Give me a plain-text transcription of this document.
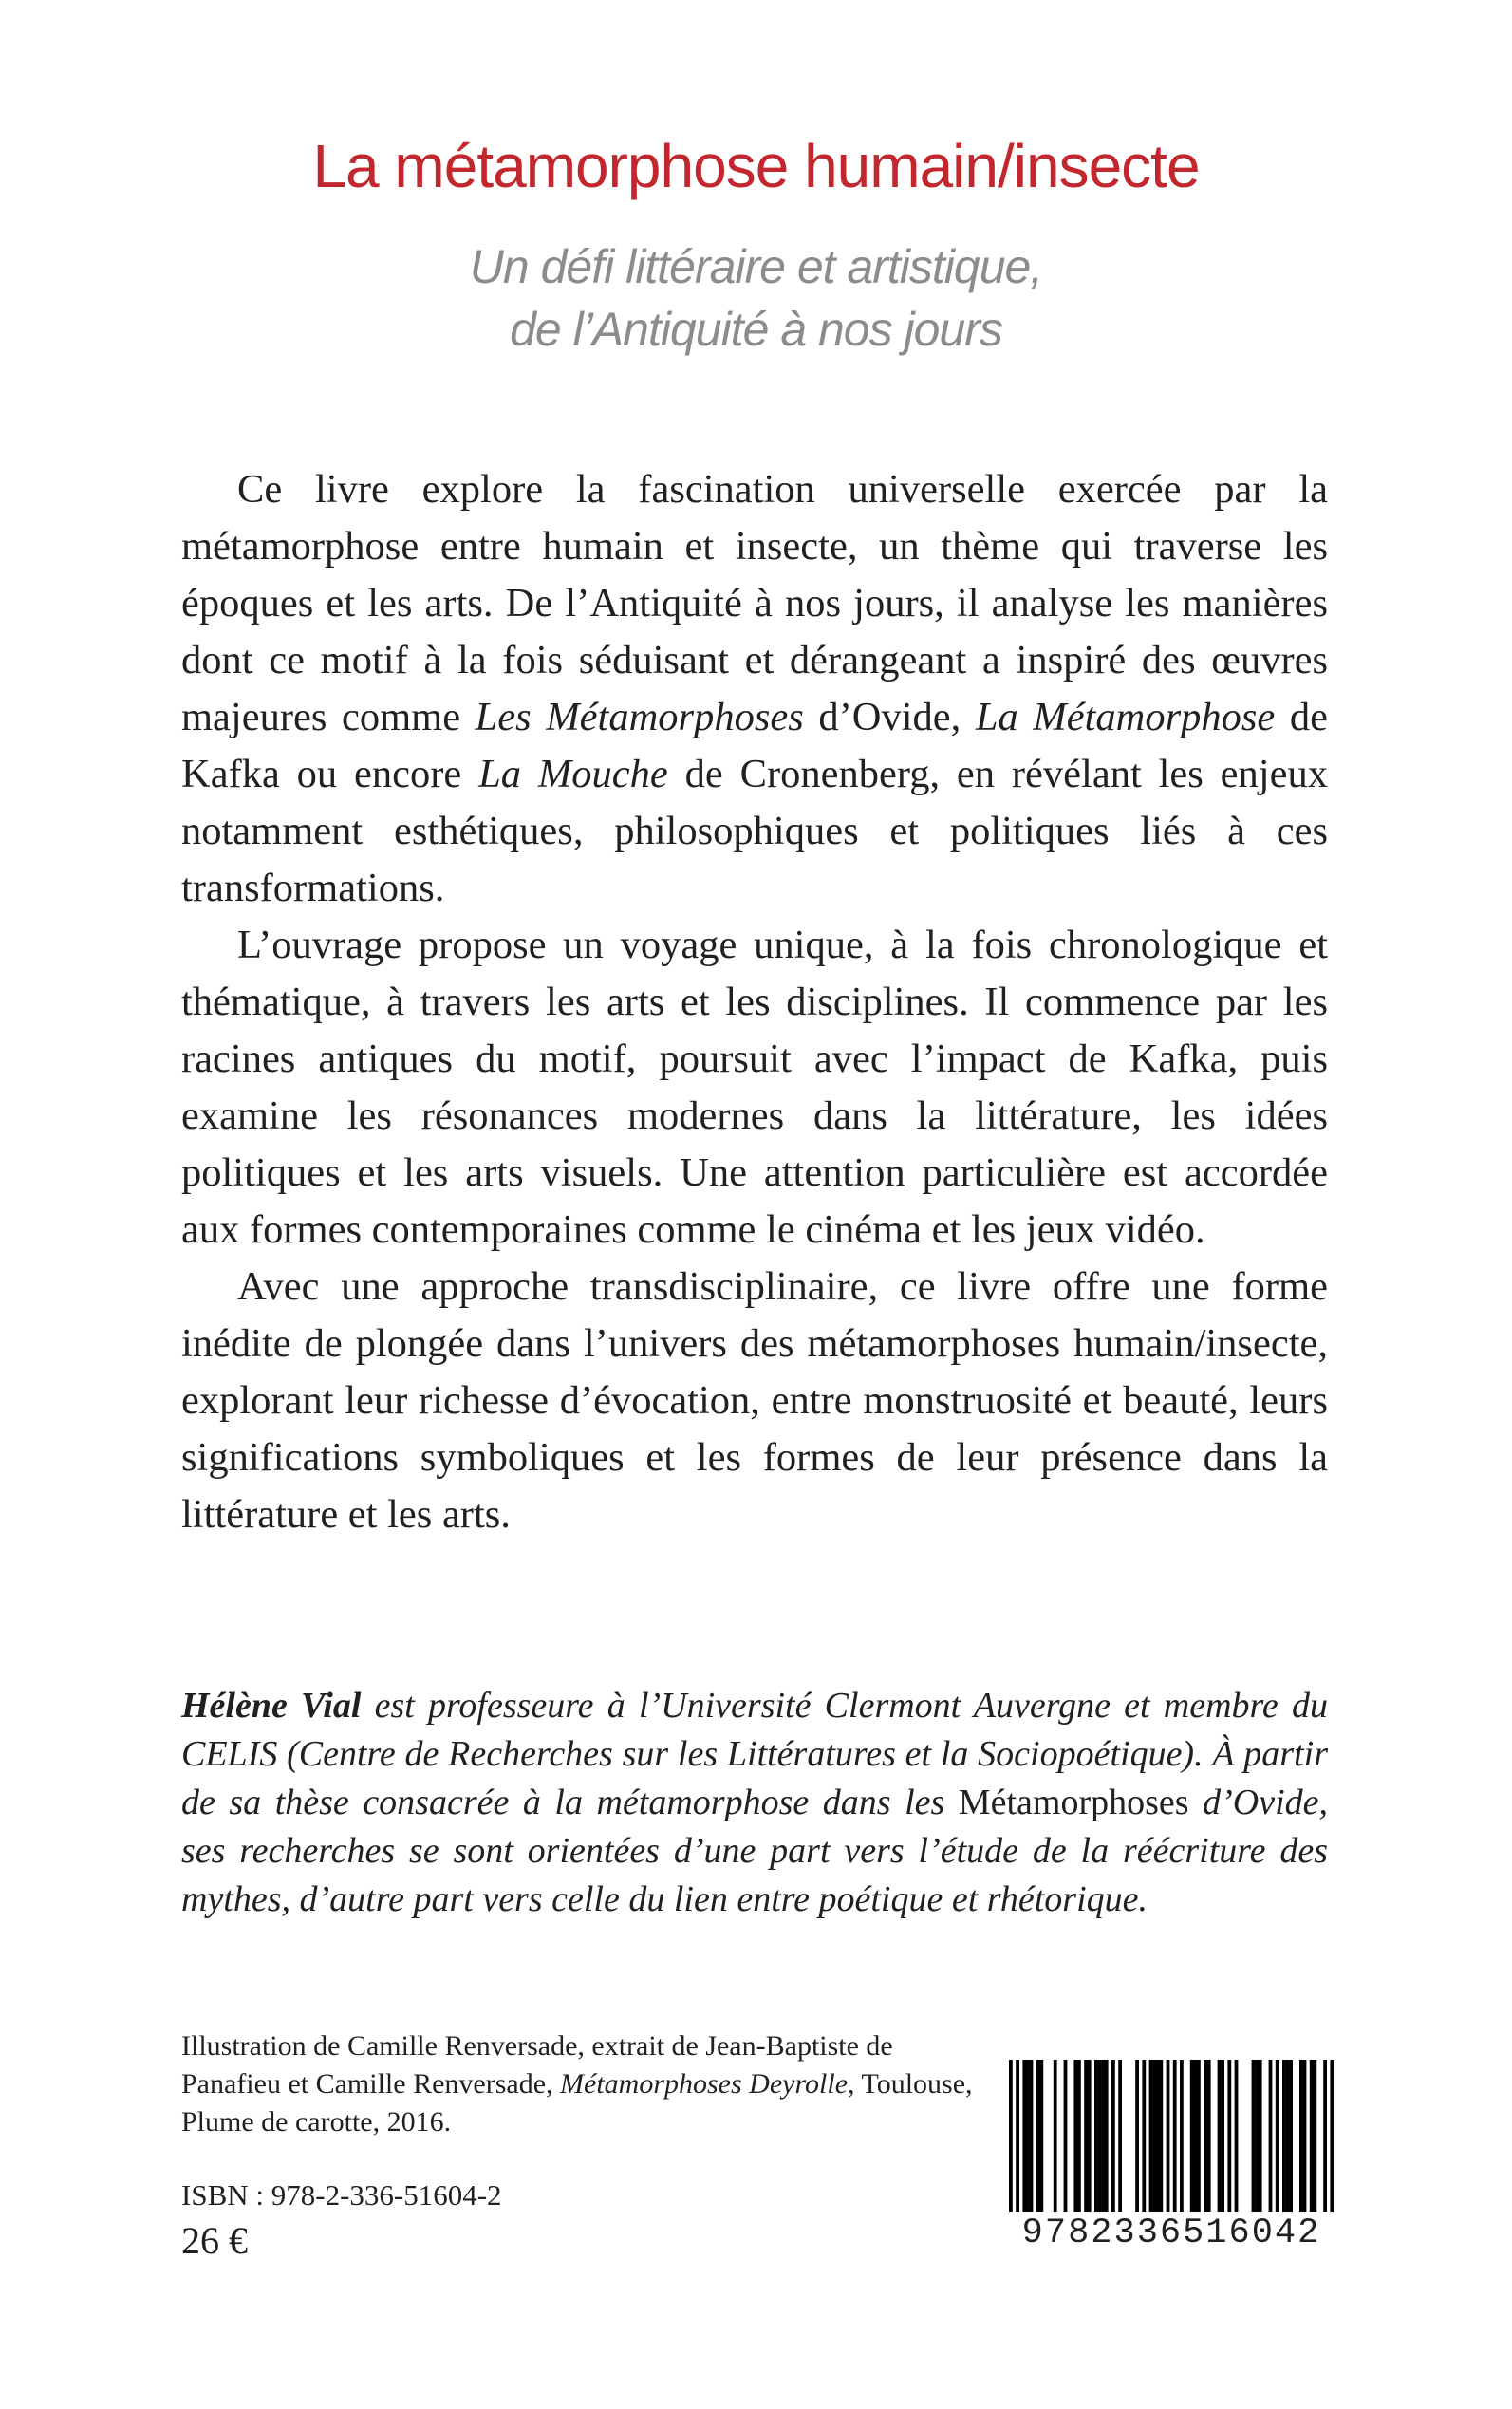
La métamorphose humain/insecte
Un défi littéraire et artistique,
de l’Antiquité à nos jours

Ce livre explore la fascination universelle exercée par la métamorphose entre humain et insecte, un thème qui traverse les époques et les arts. De l’Antiquité à nos jours, il analyse les manières dont ce motif à la fois séduisant et dérangeant a inspiré des œuvres majeures comme Les Métamorphoses d’Ovide, La Métamorphose de Kafka ou encore La Mouche de Cronenberg, en révélant les enjeux notamment esthétiques, philosophiques et politiques liés à ces transformations.

L’ouvrage propose un voyage unique, à la fois chronologique et thématique, à travers les arts et les disciplines. Il commence par les racines antiques du motif, poursuit avec l’impact de Kafka, puis examine les résonances modernes dans la littérature, les idées politiques et les arts visuels. Une attention particulière est accordée aux formes contemporaines comme le cinéma et les jeux vidéo.

Avec une approche transdisciplinaire, ce livre offre une forme inédite de plongée dans l’univers des métamorphoses humain/insecte, explorant leur richesse d’évocation, entre monstruosité et beauté, leurs significations symboliques et les formes de leur présence dans la littérature et les arts.

Hélène Vial est professeure à l’Université Clermont Auvergne et membre du CELIS (Centre de Recherches sur les Littératures et la Sociopoétique). À partir de sa thèse consacrée à la métamorphose dans les Métamorphoses d’Ovide, ses recherches se sont orientées d’une part vers l’étude de la réécriture des mythes, d’autre part vers celle du lien entre poétique et rhétorique.

Illustration de Camille Renversade, extrait de Jean-Baptiste de Panafieu et Camille Renversade, Métamorphoses Deyrolle, Toulouse, Plume de carotte, 2016.

ISBN : 978-2-336-51604-2

26 €	9782336516042
